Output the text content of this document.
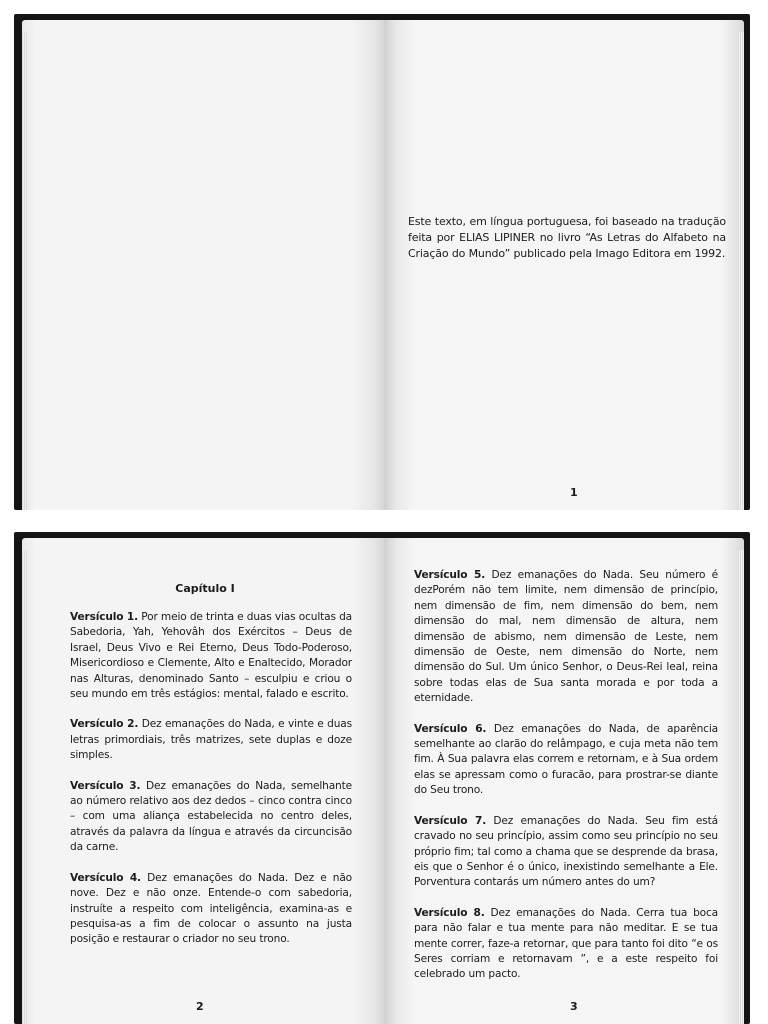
Este texto, em língua portuguesa, foi baseado na tradução feita por ELIAS LIPINER no livro “As Letras do Alfabeto na Criação do Mundo” publicado pela Imago Editora em 1992.
1
Capítulo I

Versículo 1. Por meio de trinta e duas vias ocultas da Sabedoria, Yah, Yehovâh dos Exércitos – Deus de Israel, Deus Vivo e Rei Eterno, Deus Todo-Poderoso, Misericordioso e Clemente, Alto e Enaltecido, Morador nas Alturas, denominado Santo – esculpiu e criou o seu mundo em três estágios: mental, falado e escrito.

Versículo 2. Dez emanações do Nada, e vinte e duas letras primordiais, três matrizes, sete duplas e doze simples.

Versículo 3. Dez emanações do Nada, semelhante ao número relativo aos dez dedos – cinco contra cinco – com uma aliança estabelecida no centro deles, através da palavra da língua e através da circuncisão da carne.

Versículo 4. Dez emanações do Nada. Dez e não nove. Dez e não onze. Entende-o com sabedoria, instruíte a respeito com inteligência, examina-as e pesquisa-as a fim de colocar o assunto na justa posição e restaurar o criador no seu trono.

2

Versículo 5. Dez emanações do Nada. Seu número é dezPorém não tem limite, nem dimensão de princípio, nem dimensão de fim, nem dimensão do bem, nem dimensão do mal, nem dimensão de altura, nem dimensão de abismo, nem dimensão de Leste, nem dimensão de Oeste, nem dimensão do Norte, nem dimensão do Sul. Um único Senhor, o Deus-Rei leal, reina sobre todas elas de Sua santa morada e por toda a eternidade.

Versículo 6. Dez emanações do Nada, de aparência semelhante ao clarão do relâmpago, e cuja meta não tem fim. À Sua palavra elas correm e retornam, e à Sua ordem elas se apressam como o furacão, para prostrar-se diante do Seu trono.

Versículo 7. Dez emanações do Nada. Seu fim está cravado no seu princípio, assim como seu princípio no seu próprio fim; tal como a chama que se desprende da brasa, eis que o Senhor é o único, inexistindo semelhante a Ele. Porventura contarás um número antes do um?

Versículo 8. Dez emanações do Nada. Cerra tua boca para não falar e tua mente para não meditar. E se tua mente correr, faze-a retornar, que para tanto foi dito “e os Seres corriam e retornavam ”, e a este respeito foi celebrado um pacto.

3
